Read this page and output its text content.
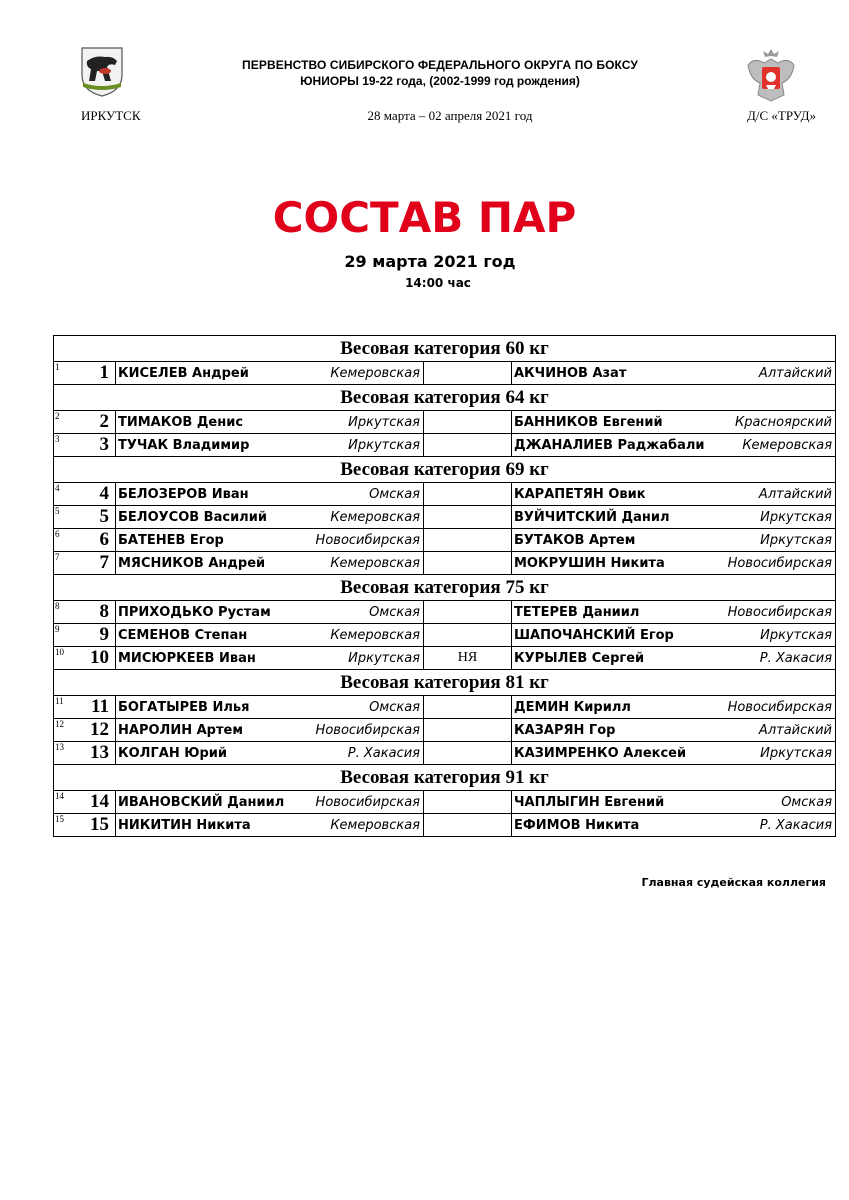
ПЕРВЕНСТВО СИБИРСКОГО ФЕДЕРАЛЬНОГО ОКРУГА ПО БОКСУ
ЮНИОРЫ 19-22 года, (2002-1999 год рождения)
ИРКУТСК	28 марта – 02 апреля 2021 год	Д/С «ТРУД»
СОСТАВ ПАР
29 марта 2021 год
14:00 час
Весовая категория 60 кг					

1 1	КИСЕЛЕВ Андрей	Кемеровская		АКЧИНОВ Азат	Алтайский
Весовая категория 64 кг					

2 2	ТИМАКОВ Денис	Иркутская		БАННИКОВ Евгений	Красноярский

3 3	ТУЧАК Владимир	Иркутская		ДЖАНАЛИЕВ Раджабали	Кемеровская
Весовая категория 69 кг					

4 4	БЕЛОЗЕРОВ Иван	Омская		КАРАПЕТЯН Овик	Алтайский

5 5	БЕЛОУСОВ Василий	Кемеровская		ВУЙЧИТСКИЙ Данил	Иркутская

6 6	БАТЕНЕВ Егор	Новосибирская		БУТАКОВ Артем	Иркутская

7 7	МЯСНИКОВ Андрей	Кемеровская		МОКРУШИН Никита	Новосибирская
Весовая категория 75 кг					

8 8	ПРИХОДЬКО Рустам	Омская		ТЕТЕРЕВ Даниил	Новосибирская

9 9	СЕМЕНОВ Степан	Кемеровская		ШАПОЧАНСКИЙ Егор	Иркутская

10 10	МИСЮРКЕЕВ Иван	Иркутская	НЯ	КУРЫЛЕВ Сергей	Р. Хакасия
Весовая категория 81 кг					

11 11	БОГАТЫРЕВ Илья	Омская		ДЕМИН Кирилл	Новосибирская

12 12	НАРОЛИН Артем	Новосибирская		КАЗАРЯН Гор	Алтайский

13 13	КОЛГАН Юрий	Р. Хакасия		КАЗИМРЕНКО Алексей	Иркутская
Весовая категория 91 кг					

14 14	ИВАНОВСКИЙ Даниил	Новосибирская		ЧАПЛЫГИН Евгений	Омская

15 15	НИКИТИН Никита	Кемеровская		ЕФИМОВ Никита	Р. Хакасия
Главная судейская коллегия
